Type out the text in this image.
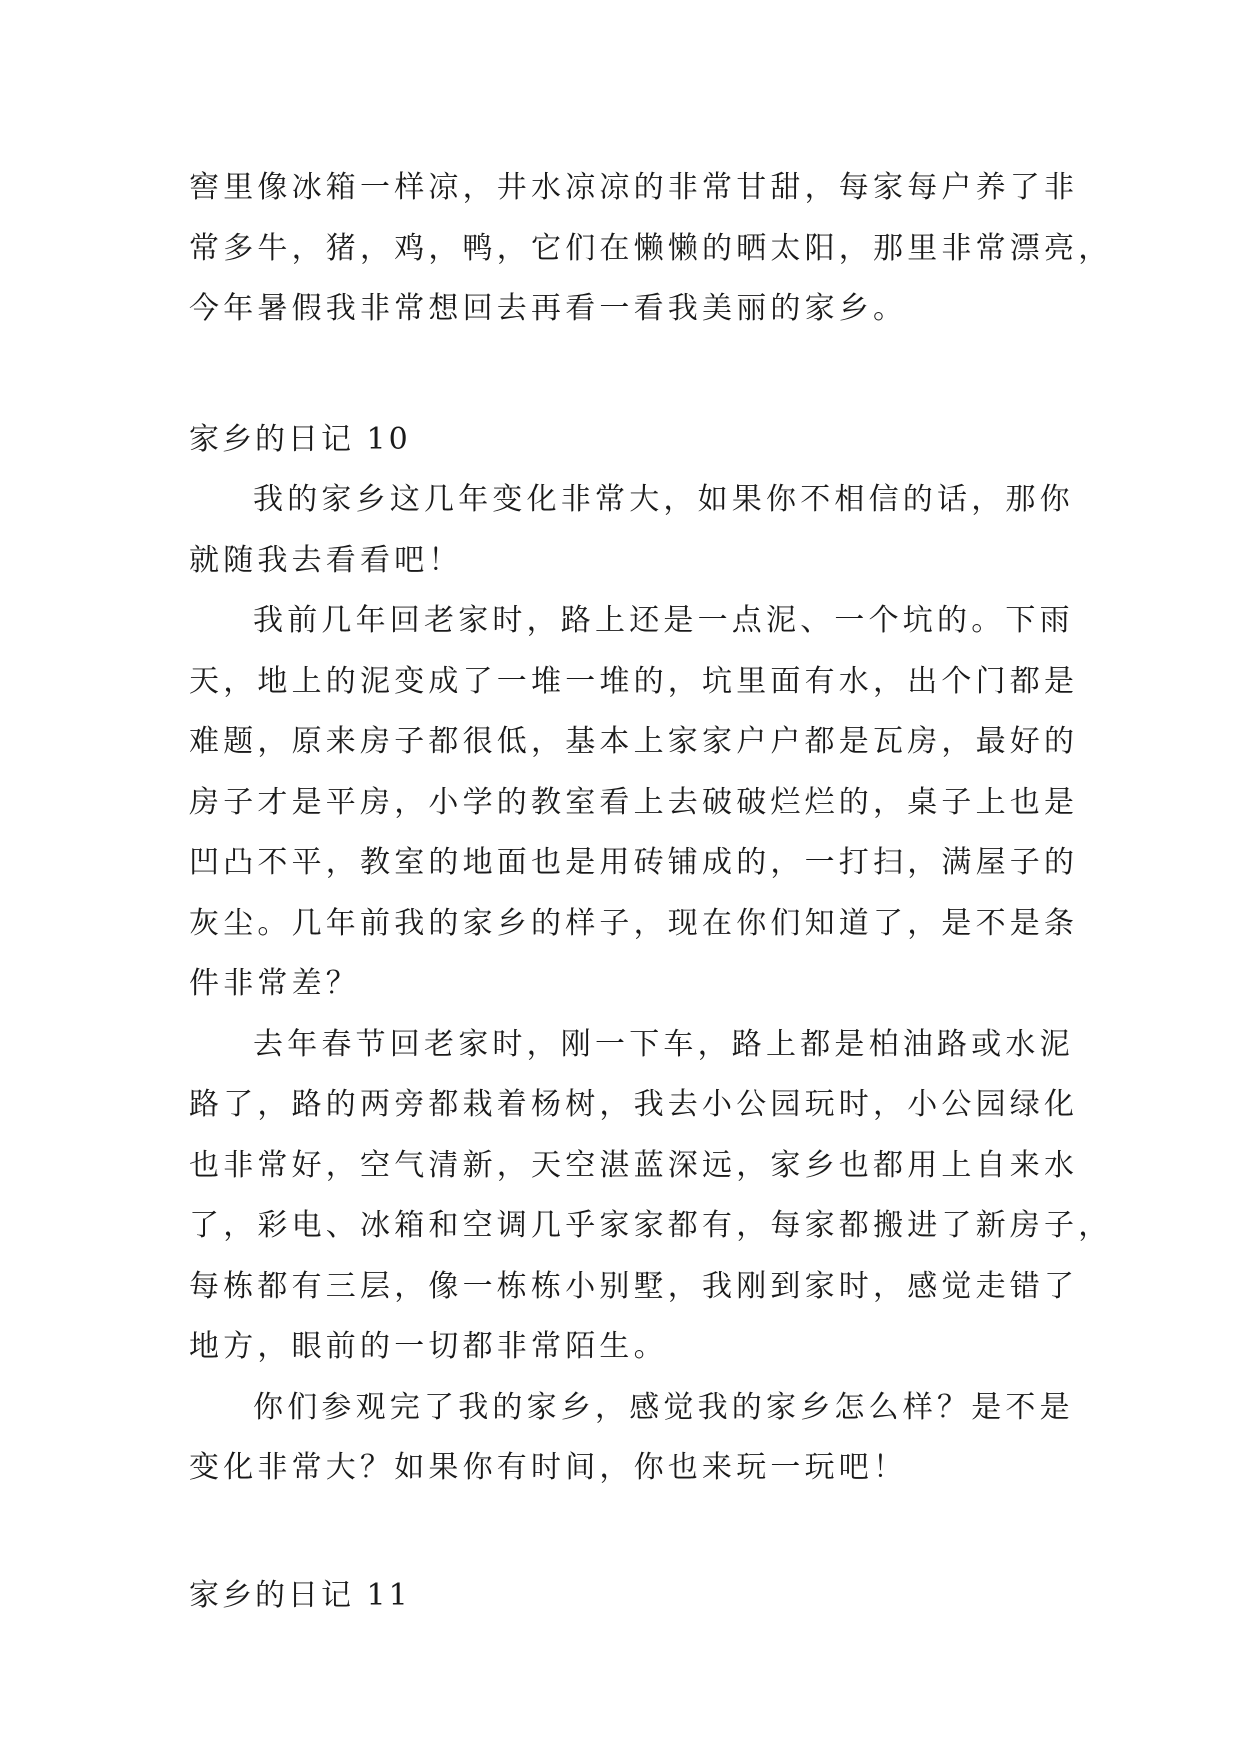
窖里像冰箱一样凉，井水凉凉的非常甘甜，每家每户养了非
常多牛，猪，鸡，鸭，它们在懒懒的晒太阳，那里非常漂亮，
今年暑假我非常想回去再看一看我美丽的家乡。
家乡的日记 10
我的家乡这几年变化非常大，如果你不相信的话，那你
就随我去看看吧！
我前几年回老家时，路上还是一点泥、一个坑的。下雨
天，地上的泥变成了一堆一堆的，坑里面有水，出个门都是
难题，原来房子都很低，基本上家家户户都是瓦房，最好的
房子才是平房，小学的教室看上去破破烂烂的，桌子上也是
凹凸不平，教室的地面也是用砖铺成的，一打扫，满屋子的
灰尘。几年前我的家乡的样子，现在你们知道了，是不是条
件非常差？
去年春节回老家时，刚一下车，路上都是柏油路或水泥
路了，路的两旁都栽着杨树，我去小公园玩时，小公园绿化
也非常好，空气清新，天空湛蓝深远，家乡也都用上自来水
了，彩电、冰箱和空调几乎家家都有，每家都搬进了新房子，
每栋都有三层，像一栋栋小别墅，我刚到家时，感觉走错了
地方，眼前的一切都非常陌生。
你们参观完了我的家乡，感觉我的家乡怎么样？是不是
变化非常大？如果你有时间，你也来玩一玩吧！
家乡的日记 11
